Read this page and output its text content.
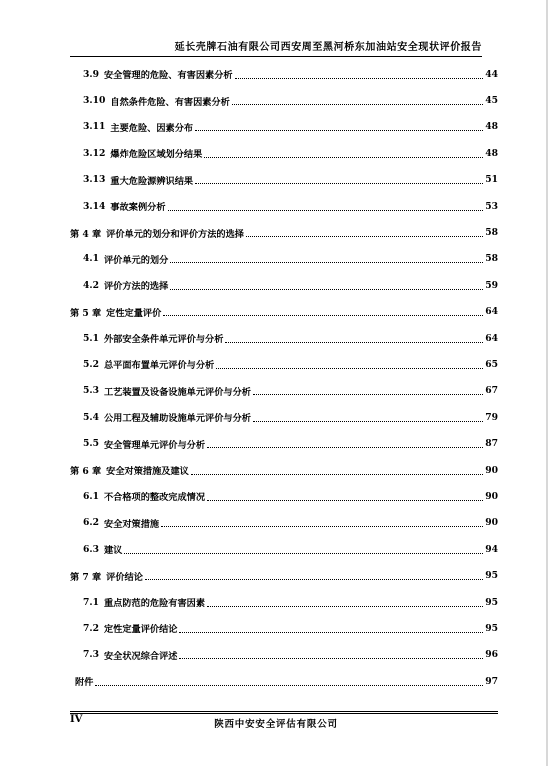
延长壳牌石油有限公司西安周至黑河桥东加油站安全现状评价报告
3.9 安全管理的危险、有害因素分析	44
3.10 自然条件危险、有害因素分析	45
3.11 主要危险、因素分布	48
3.12 爆炸危险区域划分结果	48
3.13 重大危险源辨识结果	51
3.14 事故案例分析	53
第 4 章 评价单元的划分和评价方法的选择	58
4.1 评价单元的划分	58
4.2 评价方法的选择	59
第 5 章 定性定量评价	64
5.1 外部安全条件单元评价与分析	64
5.2 总平面布置单元评价与分析	65
5.3 工艺装置及设备设施单元评价与分析	67
5.4 公用工程及辅助设施单元评价与分析	79
5.5 安全管理单元评价与分析	87
第 6 章 安全对策措施及建议	90
6.1 不合格项的整改完成情况	90
6.2 安全对策措施	90
6.3 建议	94
第 7 章 评价结论	95
7.1 重点防范的危险有害因素	95
7.2 定性定量评价结论	95
7.3 安全状况综合评述	96
附件	97
IV	陕西中安安全评估有限公司
